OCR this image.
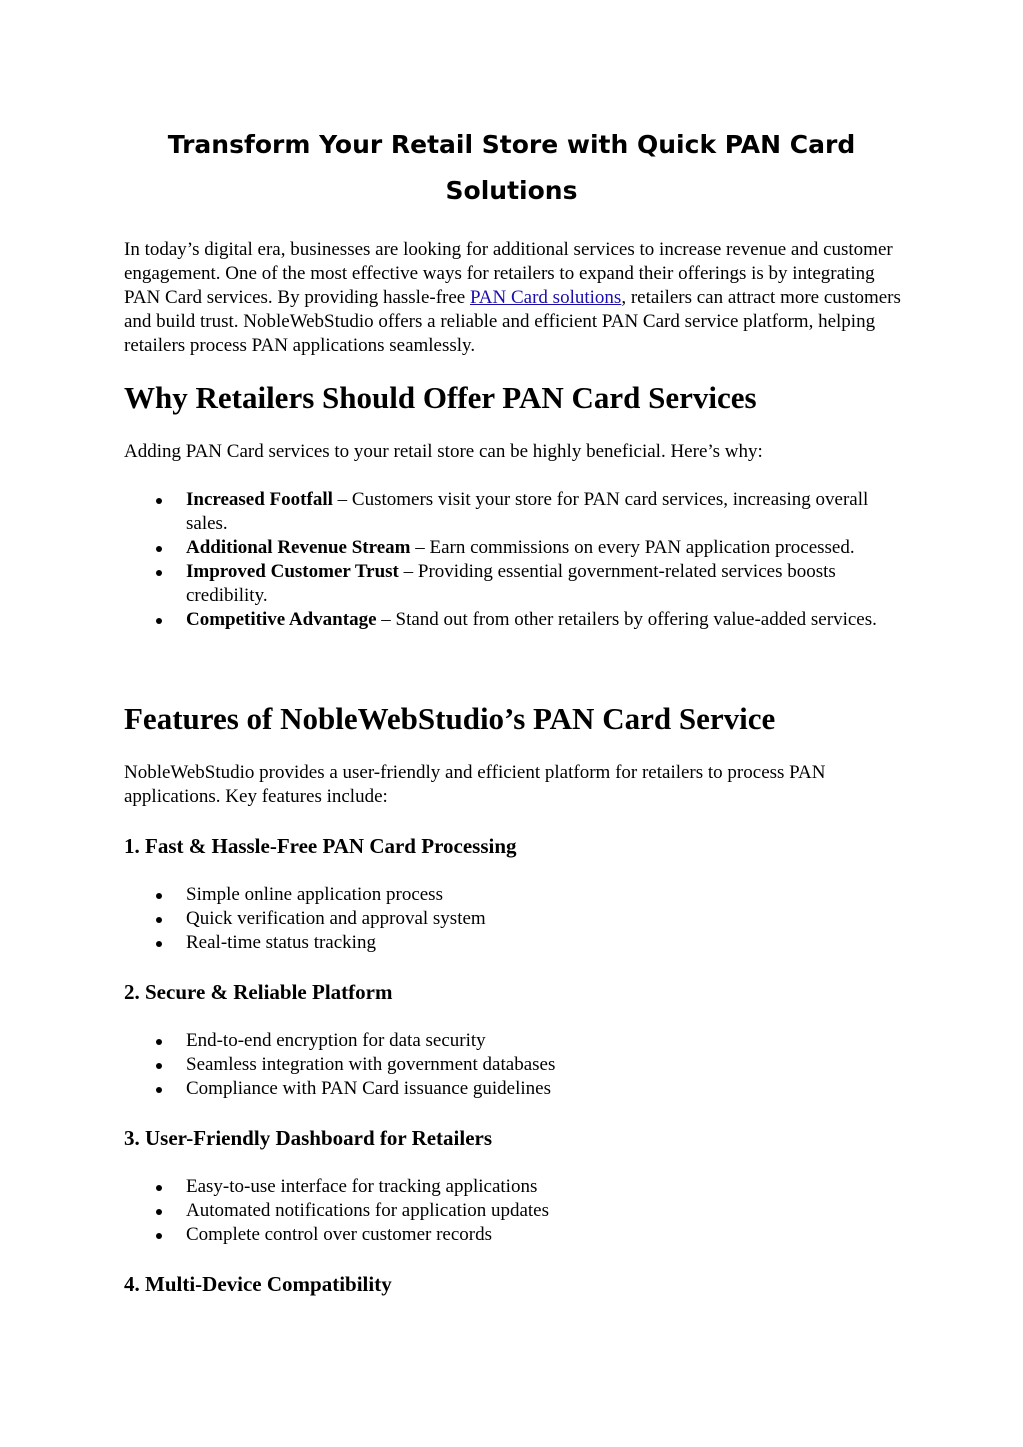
Transform Your Retail Store with Quick PAN Card Solutions

In today’s digital era, businesses are looking for additional services to increase revenue and customer engagement. One of the most effective ways for retailers to expand their offerings is by integrating PAN Card services. By providing hassle-free PAN Card solutions, retailers can attract more customers and build trust. NobleWebStudio offers a reliable and efficient PAN Card service platform, helping retailers process PAN applications seamlessly.

Why Retailers Should Offer PAN Card Services

Adding PAN Card services to your retail store can be highly beneficial. Here’s why:

Increased Footfall – Customers visit your store for PAN card services, increasing overall sales.
Additional Revenue Stream – Earn commissions on every PAN application processed.
Improved Customer Trust – Providing essential government-related services boosts credibility.
Competitive Advantage – Stand out from other retailers by offering value-added services.
Features of NobleWebStudio’s PAN Card Service

NobleWebStudio provides a user-friendly and efficient platform for retailers to process PAN applications. Key features include:

1. Fast & Hassle-Free PAN Card Processing
Simple online application process
Quick verification and approval system
Real-time status tracking
2. Secure & Reliable Platform
End-to-end encryption for data security
Seamless integration with government databases
Compliance with PAN Card issuance guidelines
3. User-Friendly Dashboard for Retailers
Easy-to-use interface for tracking applications
Automated notifications for application updates
Complete control over customer records
4. Multi-Device Compatibility
